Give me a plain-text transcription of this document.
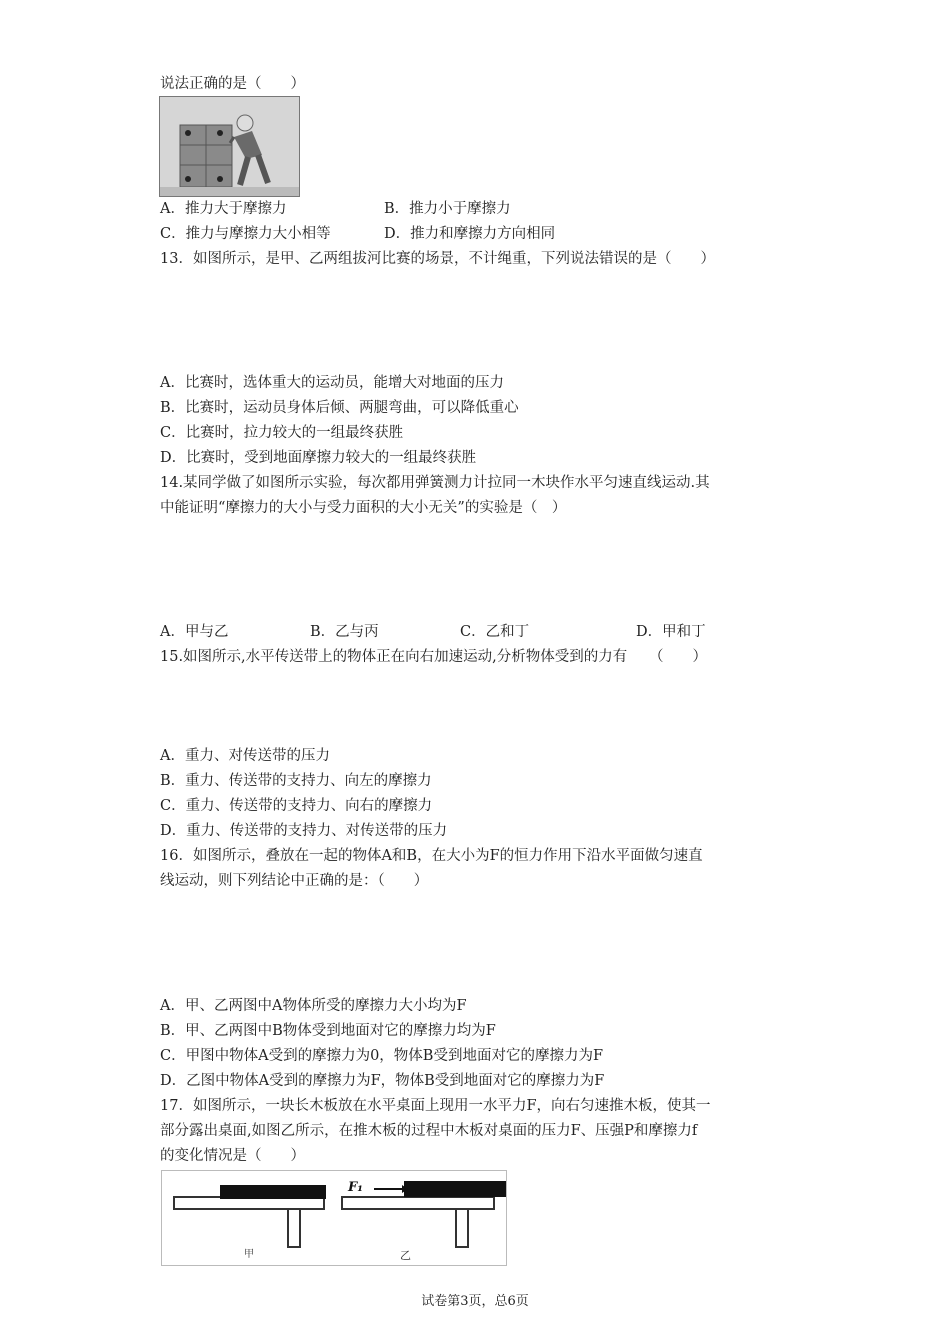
说法正确的是（　　）
A．推力大于摩擦力	B．推力小于摩擦力
C．推力与摩擦力大小相等	D．推力和摩擦力方向相同
13．如图所示，是甲、乙两组拔河比赛的场景，不计绳重，下列说法错误的是（　　）
A．比赛时，选体重大的运动员，能增大对地面的压力
B．比赛时，运动员身体后倾、两腿弯曲，可以降低重心
C．比赛时，拉力较大的一组最终获胜
D．比赛时，受到地面摩擦力较大的一组最终获胜
14.某同学做了如图所示实验，每次都用弹簧测力计拉同一木块作水平匀速直线运动.其
中能证明“摩擦力的大小与受力面积的大小无关”的实验是（　）
A．甲与乙	B．乙与丙	C．乙和丁	D．甲和丁
15.如图所示,水平传送带上的物体正在向右加速运动,分析物体受到的力有　　（　　）
A．重力、对传送带的压力
B．重力、传送带的支持力、向左的摩擦力
C．重力、传送带的支持力、向右的摩擦力
D．重力、传送带的支持力、对传送带的压力
16．如图所示，叠放在一起的物体A和B，在大小为F的恒力作用下沿水平面做匀速直
线运动，则下列结论中正确的是：（　　）
A．甲、乙两图中A物体所受的摩擦力大小均为F
B．甲、乙两图中B物体受到地面对它的摩擦力均为F
C．甲图中物体A受到的摩擦力为0，物体B受到地面对它的摩擦力为F
D．乙图中物体A受到的摩擦力为F，物体B受到地面对它的摩擦力为F
17．如图所示，一块长木板放在水平桌面上现用一水平力F，向右匀速推木板，使其一
部分露出桌面,如图乙所示，在推木板的过程中木板对桌面的压力F、压强P和摩擦力f
的变化情况是（　　）
甲
F₁
乙
试卷第3页，总6页
